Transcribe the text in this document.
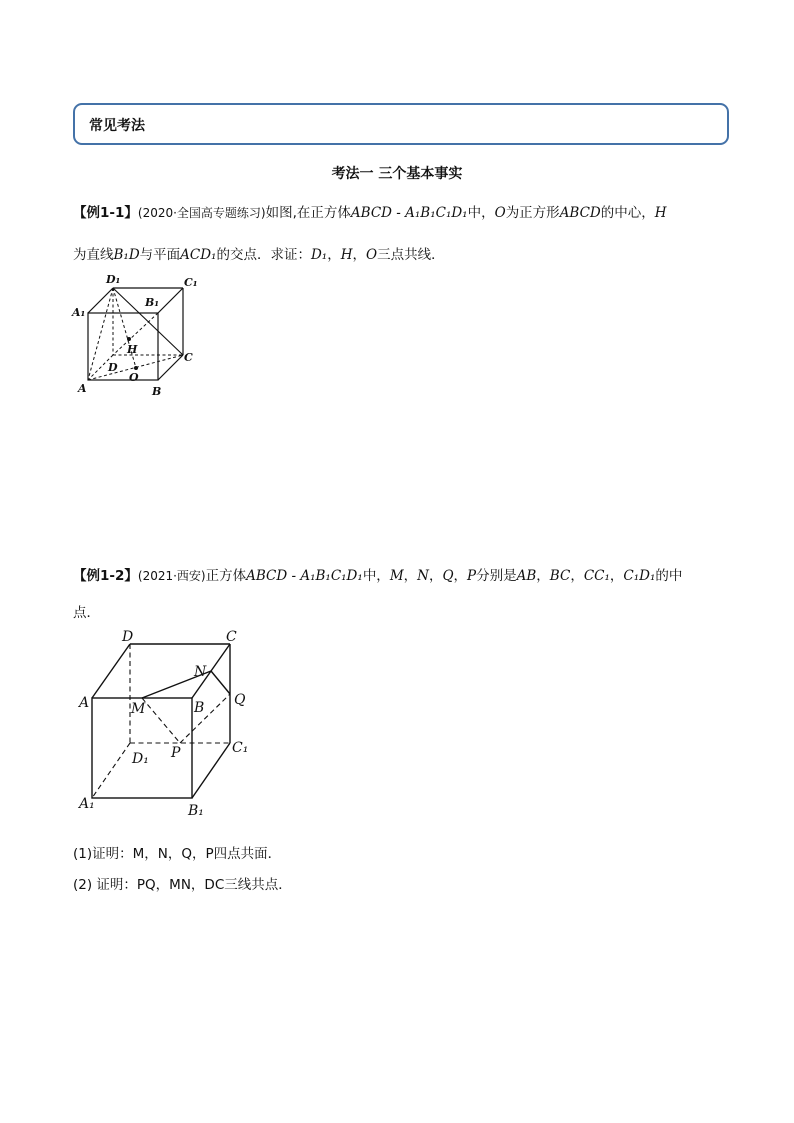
常见考法
考法一 三个基本事实
【例1-1】(2020·全国高专题练习)如图,在正方体ABCD - A₁B₁C₁D₁中，O为正方形ABCD的中心，H
为直线B₁D与平面ACD₁的交点．求证：D₁，H，O三点共线．
D₁	C₁
A₁
B₁
H
D
C
O
A	B
【例1-2】(2021·西安)正方体ABCD - A₁B₁C₁D₁中，M，N，Q，P分别是AB，BC，CC₁，C₁D₁的中
点．
D	C
N
A	M	B Q
P
D₁
C₁
A₁	B₁
(1)证明：M，N，Q，P四点共面．
(2) 证明：PQ，MN，DC三线共点．
